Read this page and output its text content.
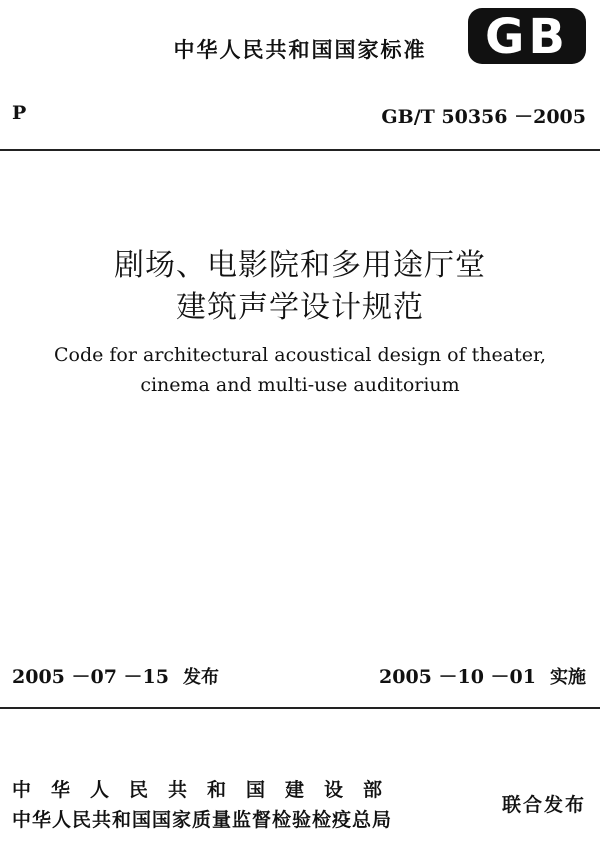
中华人民共和国国家标准	GB
P	GB/T 50356 －2005
剧场、电影院和多用途厅堂
建筑声学设计规范
Code for architectural acoustical design of theater,
cinema and multi-use auditorium
2005 －07 －15 发布	2005 －10 －01 实施
中华人民共和国建设部
中华人民共和国国家质量监督检验检疫总局
联合发布
